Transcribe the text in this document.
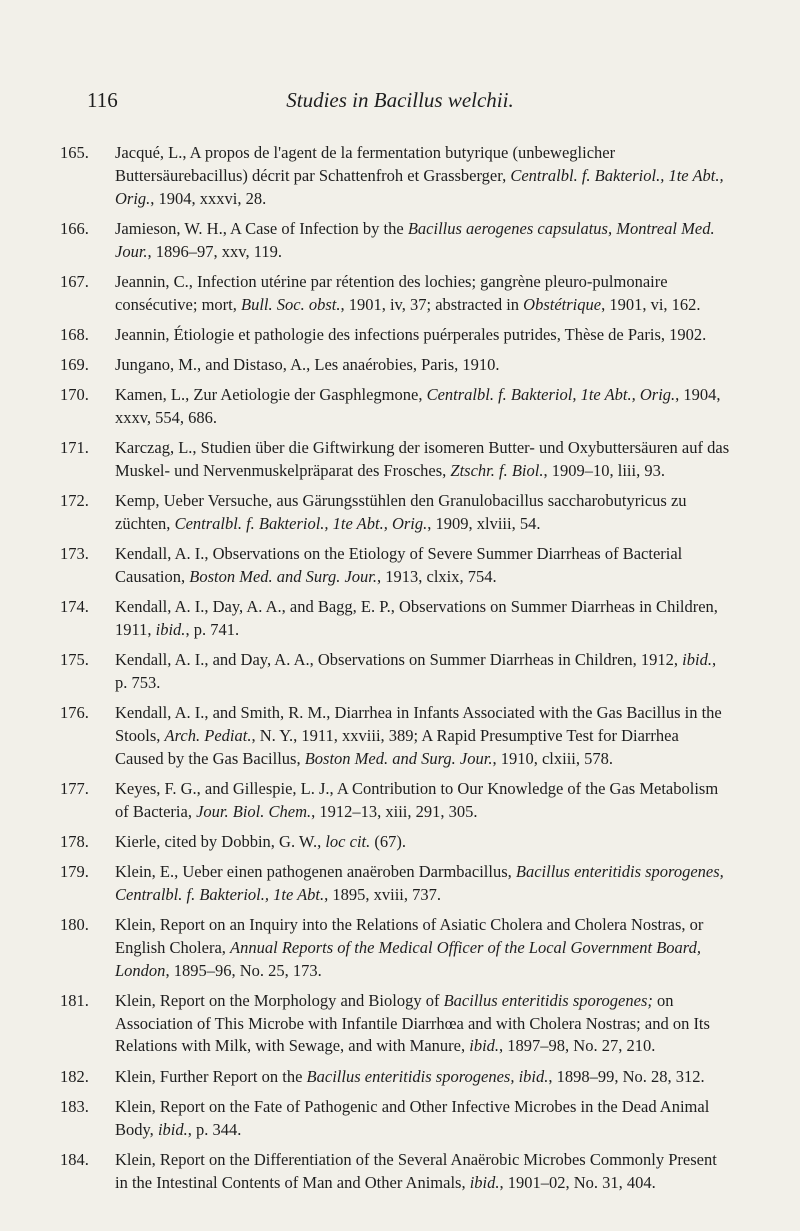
116	Studies in Bacillus welchii.
165.	Jacqué, L., A propos de l'agent de la fermentation butyrique (unbeweglicher Buttersäurebacillus) décrit par Schattenfroh et Grassberger, Centralbl. f. Bakteriol., 1te Abt., Orig., 1904, xxxvi, 28.
166.	Jamieson, W. H., A Case of Infection by the Bacillus aerogenes capsulatus, Montreal Med. Jour., 1896–97, xxv, 119.
167.	Jeannin, C., Infection utérine par rétention des lochies; gangrène pleuro-pulmonaire consécutive; mort, Bull. Soc. obst., 1901, iv, 37; abstracted in Obstétrique, 1901, vi, 162.
168.	Jeannin, Étiologie et pathologie des infections puérperales putrides, Thèse de Paris, 1902.
169.	Jungano, M., and Distaso, A., Les anaérobies, Paris, 1910.
170.	Kamen, L., Zur Aetiologie der Gasphlegmone, Centralbl. f. Bakteriol, 1te Abt., Orig., 1904, xxxv, 554, 686.
171.	Karczag, L., Studien über die Giftwirkung der isomeren Butter- und Oxybuttersäuren auf das Muskel- und Nervenmuskelpräparat des Frosches, Ztschr. f. Biol., 1909–10, liii, 93.
172.	Kemp, Ueber Versuche, aus Gärungsstühlen den Granulobacillus saccharobutyricus zu züchten, Centralbl. f. Bakteriol., 1te Abt., Orig., 1909, xlviii, 54.
173.	Kendall, A. I., Observations on the Etiology of Severe Summer Diarrheas of Bacterial Causation, Boston Med. and Surg. Jour., 1913, clxix, 754.
174.	Kendall, A. I., Day, A. A., and Bagg, E. P., Observations on Summer Diarrheas in Children, 1911, ibid., p. 741.
175.	Kendall, A. I., and Day, A. A., Observations on Summer Diarrheas in Children, 1912, ibid., p. 753.
176.	Kendall, A. I., and Smith, R. M., Diarrhea in Infants Associated with the Gas Bacillus in the Stools, Arch. Pediat., N. Y., 1911, xxviii, 389; A Rapid Presumptive Test for Diarrhea Caused by the Gas Bacillus, Boston Med. and Surg. Jour., 1910, clxiii, 578.
177.	Keyes, F. G., and Gillespie, L. J., A Contribution to Our Knowledge of the Gas Metabolism of Bacteria, Jour. Biol. Chem., 1912–13, xiii, 291, 305.
178.	Kierle, cited by Dobbin, G. W., loc cit. (67).
179.	Klein, E., Ueber einen pathogenen anaëroben Darmbacillus, Bacillus enteritidis sporogenes, Centralbl. f. Bakteriol., 1te Abt., 1895, xviii, 737.
180.	Klein, Report on an Inquiry into the Relations of Asiatic Cholera and Cholera Nostras, or English Cholera, Annual Reports of the Medical Officer of the Local Government Board, London, 1895–96, No. 25, 173.
181.	Klein, Report on the Morphology and Biology of Bacillus enteritidis sporogenes; on Association of This Microbe with Infantile Diarrhœa and with Cholera Nostras; and on Its Relations with Milk, with Sewage, and with Manure, ibid., 1897–98, No. 27, 210.
182.	Klein, Further Report on the Bacillus enteritidis sporogenes, ibid., 1898–99, No. 28, 312.
183.	Klein, Report on the Fate of Pathogenic and Other Infective Microbes in the Dead Animal Body, ibid., p. 344.
184.	Klein, Report on the Differentiation of the Several Anaërobic Microbes Commonly Present in the Intestinal Contents of Man and Other Animals, ibid., 1901–02, No. 31, 404.
